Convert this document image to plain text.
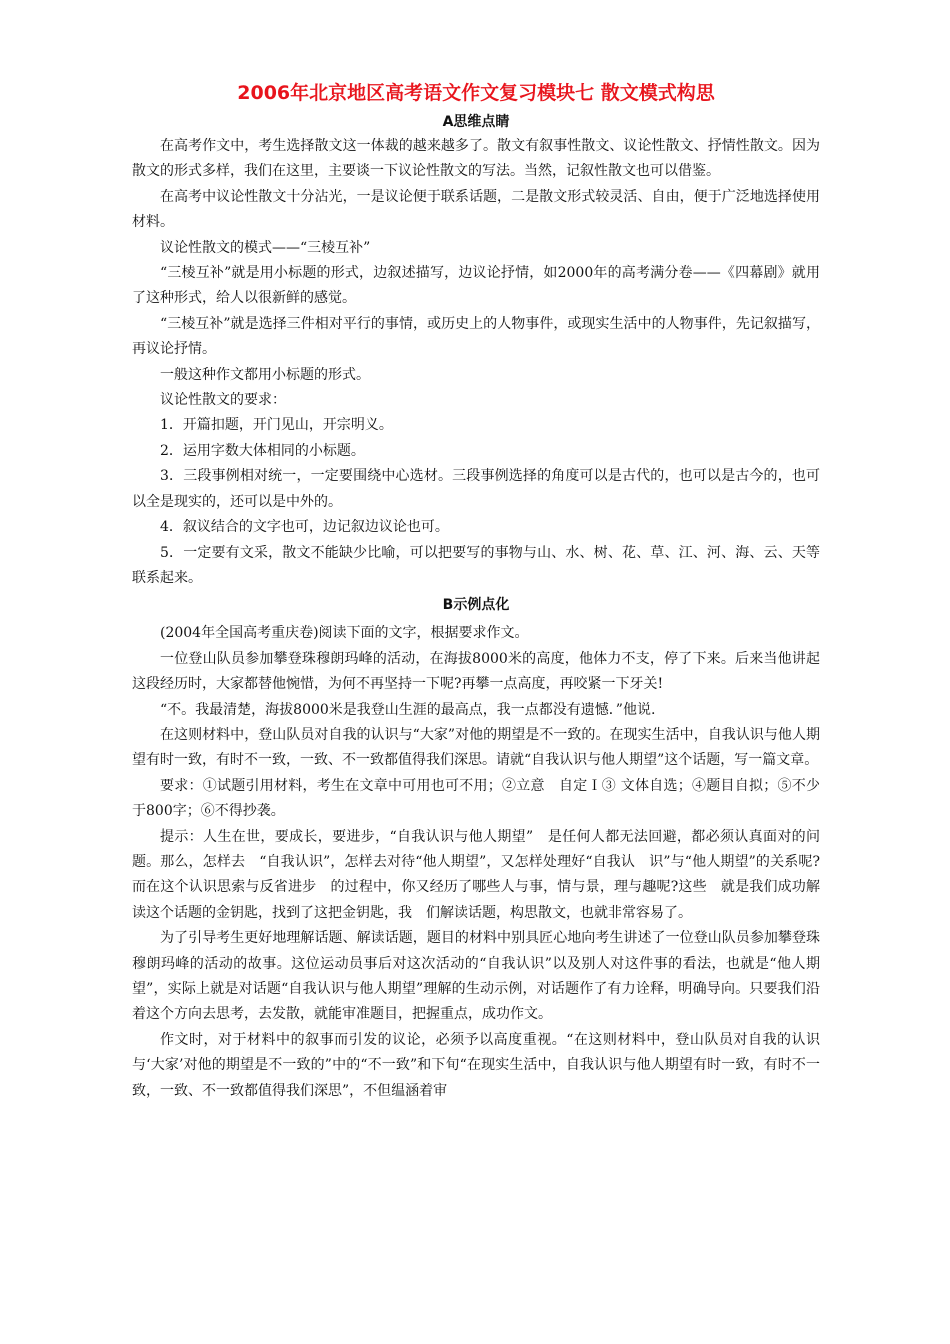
2006年北京地区高考语文作文复习模块七 散文模式构思
A思维点睛

在高考作文中，考生选择散文这一体裁的越来越多了。散文有叙事性散文、议论性散文、抒情性散文。因为散文的形式多样，我们在这里，主要谈一下议论性散文的写法。当然，记叙性散文也可以借鉴。

在高考中议论性散文十分沾光，一是议论便于联系话题，二是散文形式较灵活、自由，便于广泛地选择使用材料。

议论性散文的模式——“三棱互补”

“三棱互补”就是用小标题的形式，边叙述描写，边议论抒情，如2000年的高考满分卷——《四幕剧》就用了这种形式，给人以很新鲜的感觉。

“三棱互补”就是选择三件相对平行的事情，或历史上的人物事件，或现实生活中的人物事件，先记叙描写，再议论抒情。

一般这种作文都用小标题的形式。

议论性散文的要求：

1．开篇扣题，开门见山，开宗明义。

2．运用字数大体相同的小标题。

3．三段事例相对统一，一定要围绕中心选材。三段事例选择的角度可以是古代的，也可以是古今的，也可以全是现实的，还可以是中外的。

4．叙议结合的文字也可，边记叙边议论也可。

5．一定要有文采，散文不能缺少比喻，可以把要写的事物与山、水、树、花、草、江、河、海、云、天等联系起来。

B示例点化

(2004年全国高考重庆卷)阅读下面的文字，根据要求作文。

一位登山队员参加攀登珠穆朗玛峰的活动，在海拔8000米的高度，他体力不支，停了下来。后来当他讲起这段经历时，大家都替他惋惜，为何不再坚持一下呢?再攀一点高度，再咬紧一下牙关!

“不。我最清楚，海拔8000米是我登山生涯的最高点，我一点都没有遗憾．”他说.

在这则材料中，登山队员对自我的认识与“大家”对他的期望是不一致的。在现实生活中，自我认识与他人期望有时一致，有时不一致，一致、不一致都值得我们深思。请就“自我认识与他人期望”这个话题，写一篇文章。

要求：①试题引用材料，考生在文章中可用也可不用；②立意　自定Ｉ③ 文体自选；④题目自拟；⑤不少于800字；⑥不得抄袭。

提示：人生在世，要成长，要进步，“自我认识与他人期望”　是任何人都无法回避，都必须认真面对的问题。那么，怎样去　“自我认识”，怎样去对待“他人期望”，又怎样处理好“自我认　识”与“他人期望”的关系呢?而在这个认识思索与反省进步　的过程中，你又经历了哪些人与事，情与景，理与趣呢?这些　就是我们成功解读这个话题的金钥匙，找到了这把金钥匙，我　们解读话题，构思散文，也就非常容易了。

为了引导考生更好地理解话题、解读话题，题目的材料中别具匠心地向考生讲述了一位登山队员参加攀登珠穆朗玛峰的活动的故事。这位运动员事后对这次活动的“自我认识”以及别人对这件事的看法，也就是“他人期望”，实际上就是对话题“自我认识与他人期望”理解的生动示例，对话题作了有力诠释，明确导向。只要我们沿着这个方向去思考，去发散，就能审准题目，把握重点，成功作文。

作文时，对于材料中的叙事而引发的议论，必须予以高度重视。“在这则材料中，登山队员对自我的认识与‘大家’对他的期望是不一致的”中的“不一致”和下旬“在现实生活中，自我认识与他人期望有时一致，有时不一致，一致、不一致都值得我们深思”，不但缊涵着审
